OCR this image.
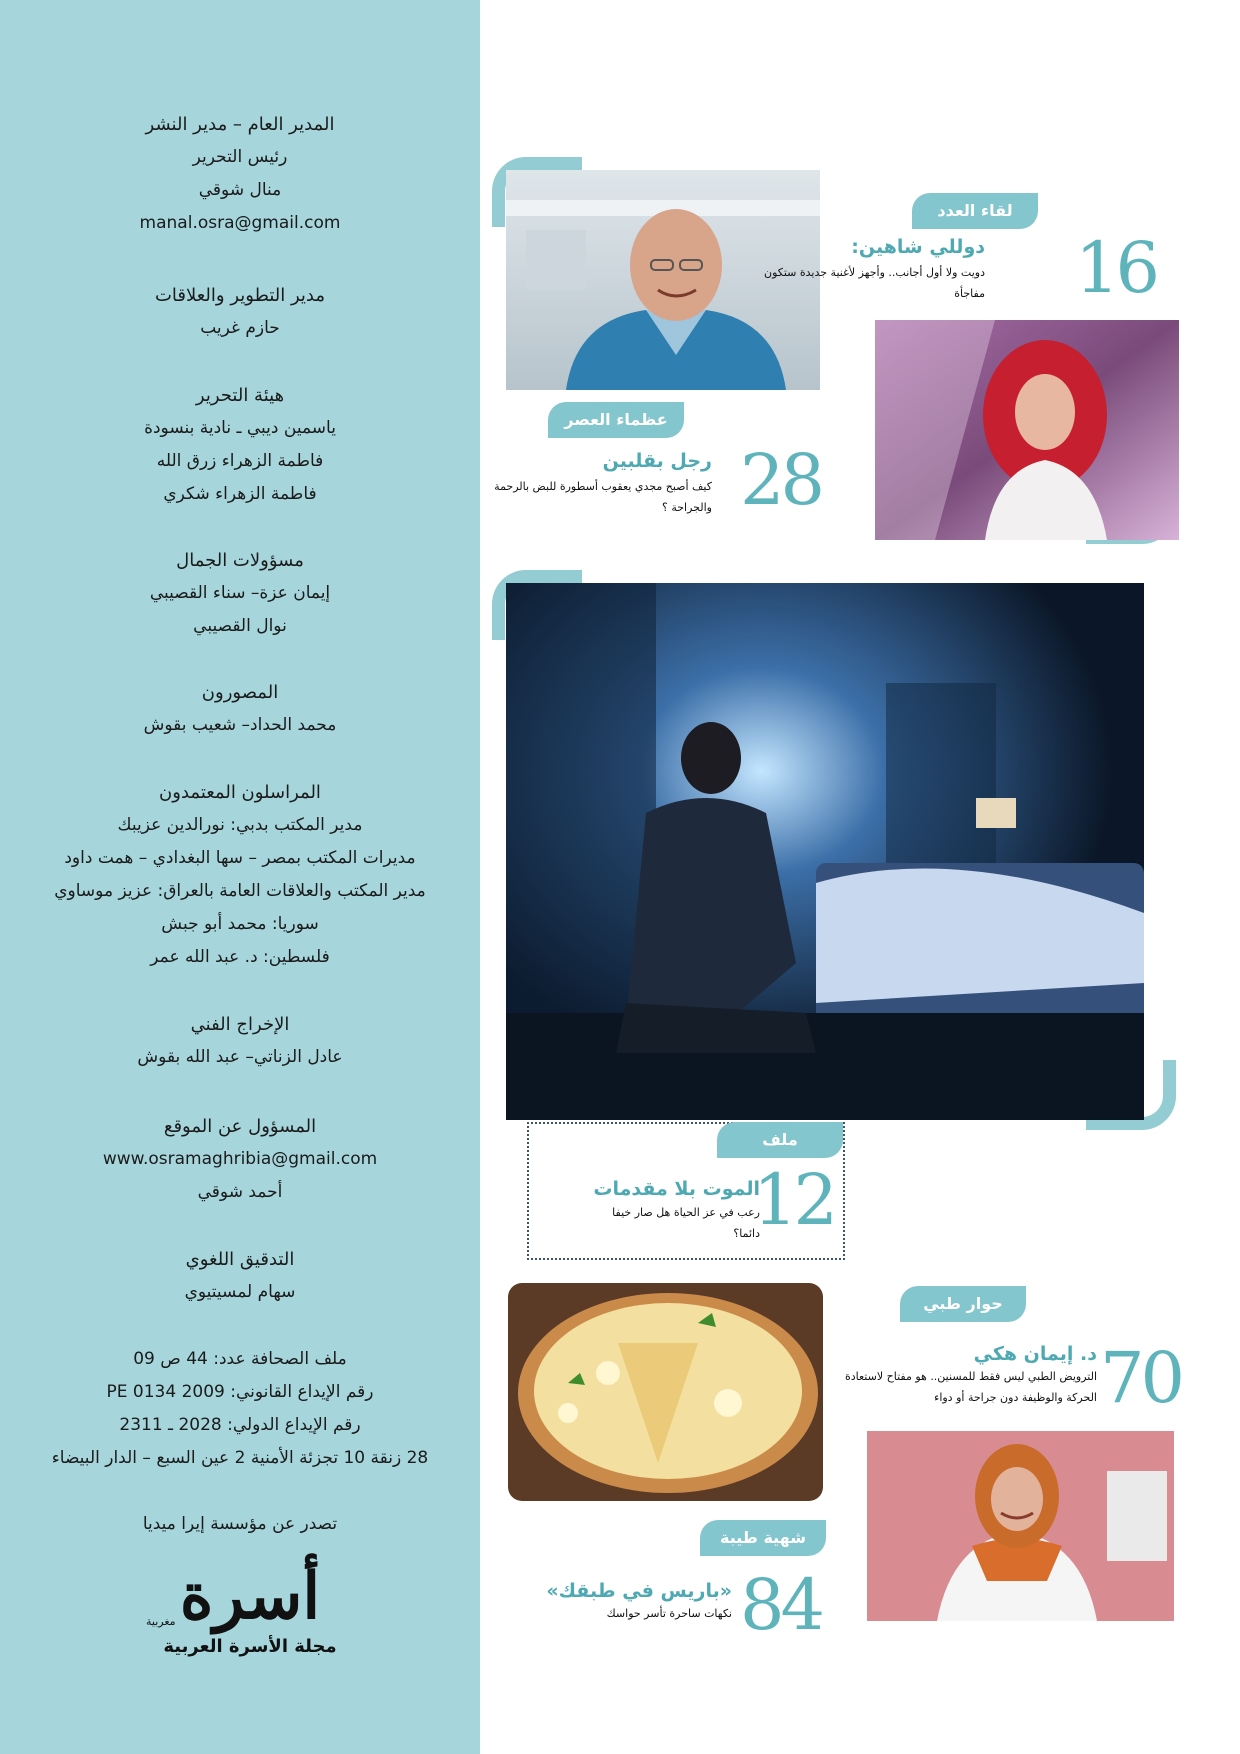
المدير العام – مدير النشر
رئيس التحرير
منال شوقي
manal.osra@gmail.com
مدير التطوير والعلاقات
حازم غريب
هيئة التحرير
ياسمين ديبي ـ نادية بنسودة
فاطمة الزهراء زرق الله
فاطمة الزهراء شكري
مسؤولات الجمال
إيمان عزة– سناء القصيبي
نوال القصيبي
المصورون
محمد الحداد– شعيب بقوش
المراسلون المعتمدون
مدير المكتب بدبي: نورالدين عزيبك
مديرات المكتب بمصر – سها البغدادي – همت داود
مدير المكتب والعلاقات العامة بالعراق: عزيز موساوي
سوريا: محمد أبو جبش
فلسطين: د. عبد الله عمر
الإخراج الفني
عادل الزناتي– عبد الله بقوش
المسؤول عن الموقع
www.osramaghribia@gmail.com
أحمد شوقي
التدقيق اللغوي
سهام لمسيتيوي
ملف الصحافة عدد: 44 ص 09
رقم الإيداع القانوني: 2009 PE 0134
رقم الإيداع الدولي: 2028 ـ 2311
28 زنقة 10 تجزئة الأمنية 2 عين السبع – الدار البيضاء
تصدر عن مؤسسة إيرا ميديا
أسرة
مغربية
مجلة الأسرة العربية
لقاء العدد
16
دوللي شاهين:
دويت ولا أول أجانب.. وأجهز لأغنية جديدة ستكون مفاجأة
عظماء العصر
28
رجل بقلبين
كيف أصبح مجدي يعقوب أسطورة للبض بالرحمة والجراحة ؟
ملف
12
الموت بلا مقدمات
رعب في عز الحياة هل صار خيفا دائما؟
حوار طبي
70
د. إيمان هكي
الترويض الطبي ليس فقط للمسنين.. هو مفتاح لاستعادة الحركة والوظيفة دون جراحة أو دواء
شهية طيبة
84
«باريس في طبقك»
نكهات ساحرة تأسر حواسك
